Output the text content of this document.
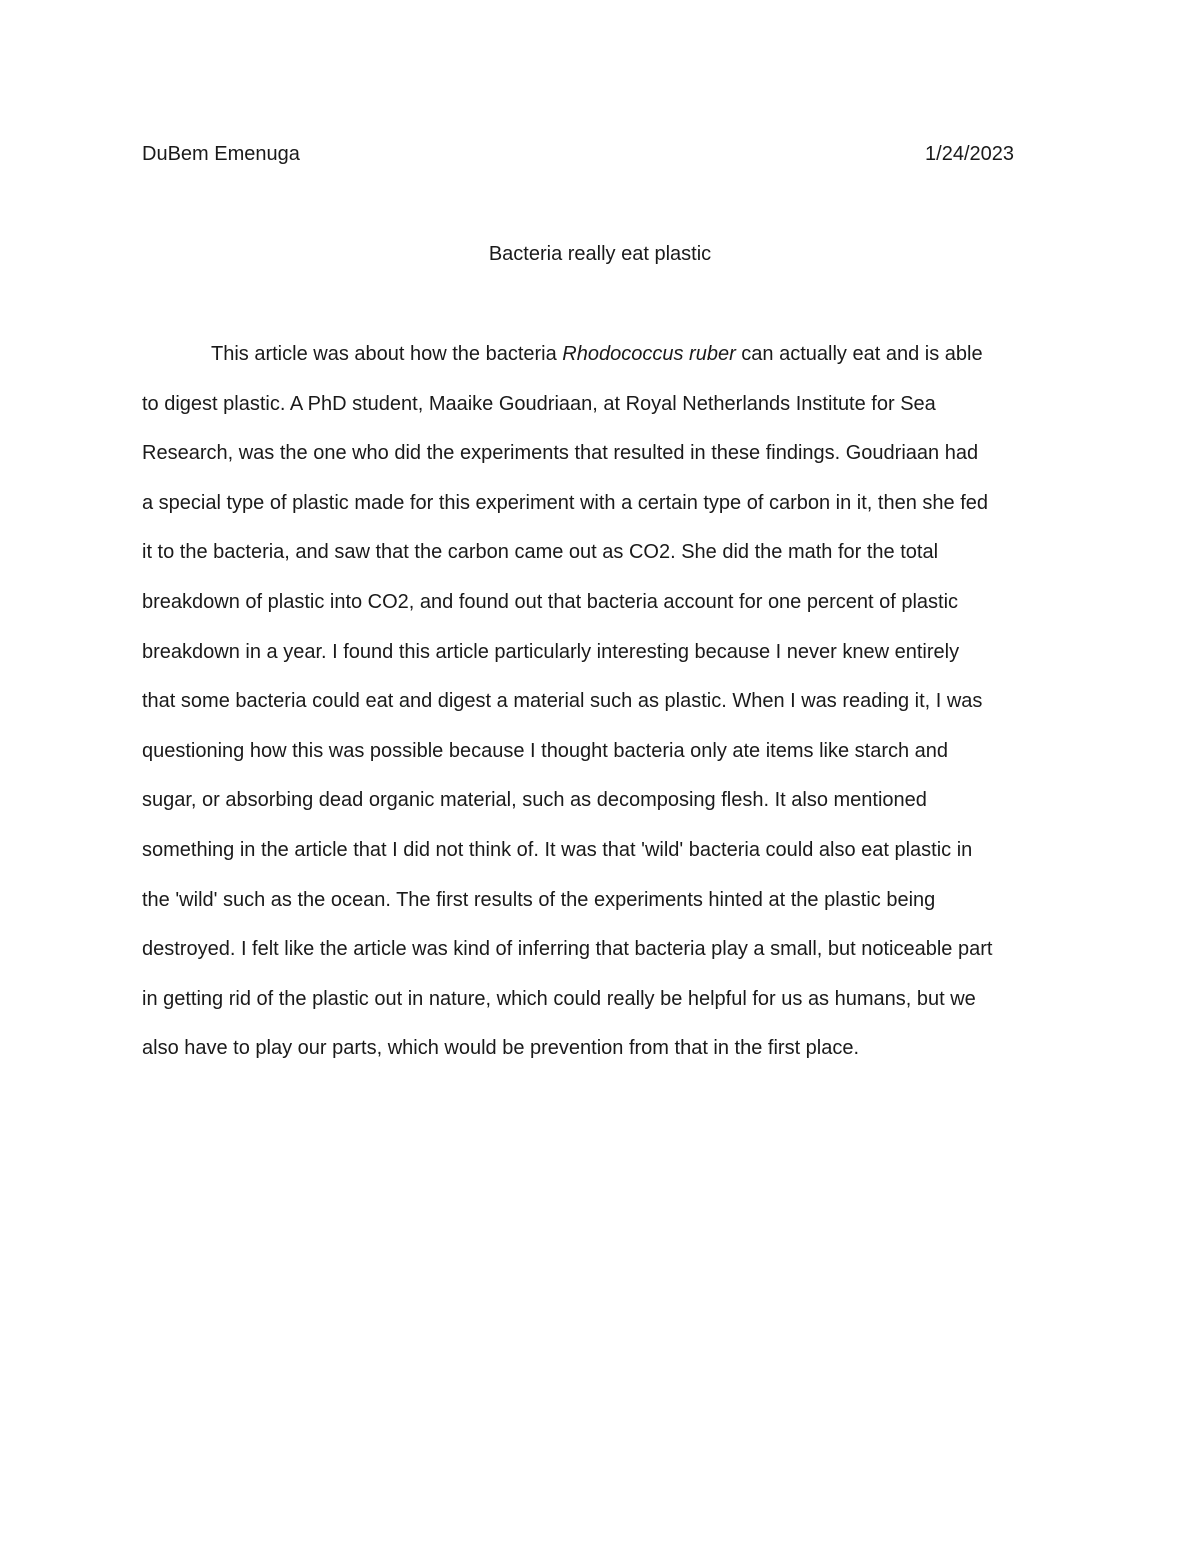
DuBem Emenuga	1/24/2023
Bacteria really eat plastic
This article was about how the bacteria Rhodococcus ruber can actually eat and is able
to digest plastic. A PhD student, Maaike Goudriaan, at Royal Netherlands Institute for Sea
Research, was the one who did the experiments that resulted in these findings. Goudriaan had
a special type of plastic made for this experiment with a certain type of carbon in it, then she fed
it to the bacteria, and saw that the carbon came out as CO2. She did the math for the total
breakdown of plastic into CO2, and found out that bacteria account for one percent of plastic
breakdown in a year. I found this article particularly interesting because I never knew entirely
that some bacteria could eat and digest a material such as plastic. When I was reading it, I was
questioning how this was possible because I thought bacteria only ate items like starch and
sugar, or absorbing dead organic material, such as decomposing flesh. It also mentioned
something in the article that I did not think of. It was that 'wild' bacteria could also eat plastic in
the 'wild' such as the ocean. The first results of the experiments hinted at the plastic being
destroyed. I felt like the article was kind of inferring that bacteria play a small, but noticeable part
in getting rid of the plastic out in nature, which could really be helpful for us as humans, but we
also have to play our parts, which would be prevention from that in the first place.
